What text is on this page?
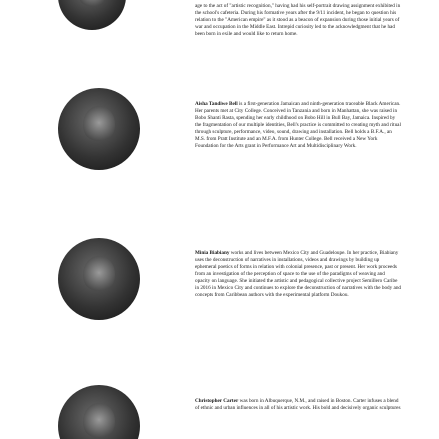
age to the act of "artistic recognition," having had his self-portrait drawing assignment exhibited in the school's cafeteria. During his formative years after the 9/11 incident, he began to question his relation to the "American empire" as it stood as a beacon of expansion during those initial years of war and occupation in the Middle East. Intrepid curiosity led to the acknowledgment that he had been born in exile and would like to return home.

Aisha Tandiwe Bell is a first-generation Jamaican and ninth-generation traceable Black American. Her parents met at City College. Conceived in Tanzania and born in Manhattan, she was raised in Bobo Shanti Rasta, spending her early childhood on Bobo Hill in Bull Bay, Jamaica. Inspired by the fragmentation of our multiple identities, Bell's practice is committed to creating myth and ritual through sculpture, performance, video, sound, drawing and installation. Bell holds a B.F.A., an M.S. from Pratt Institute and an M.F.A. from Hunter College. Bell received a New York Foundation for the Arts grant in Performance Art and Multidisciplinary Work.

Minia Biabiany works and lives between Mexico City and Guadeloupe. In her practice, Biabiany uses the deconstruction of narratives in installations, videos and drawings by building up ephemeral poetics of forms in relation with colonial presence, past or present. Her work proceeds from an investigation of the perception of space to the use of the paradigms of weaving and opacity on language. She initiated the artistic and pedagogical collective project Semillero Caribe in 2016 in Mexico City and continues to explore the deconstruction of narratives with the body and concepts from Caribbean authors with the experimental platform Doukou.

Christopher Carter was born in Albuquerque, N.M., and raised in Boston. Carter infuses a blend of ethnic and urban influences in all of his artistic work. His bold and decisively organic sculptures
